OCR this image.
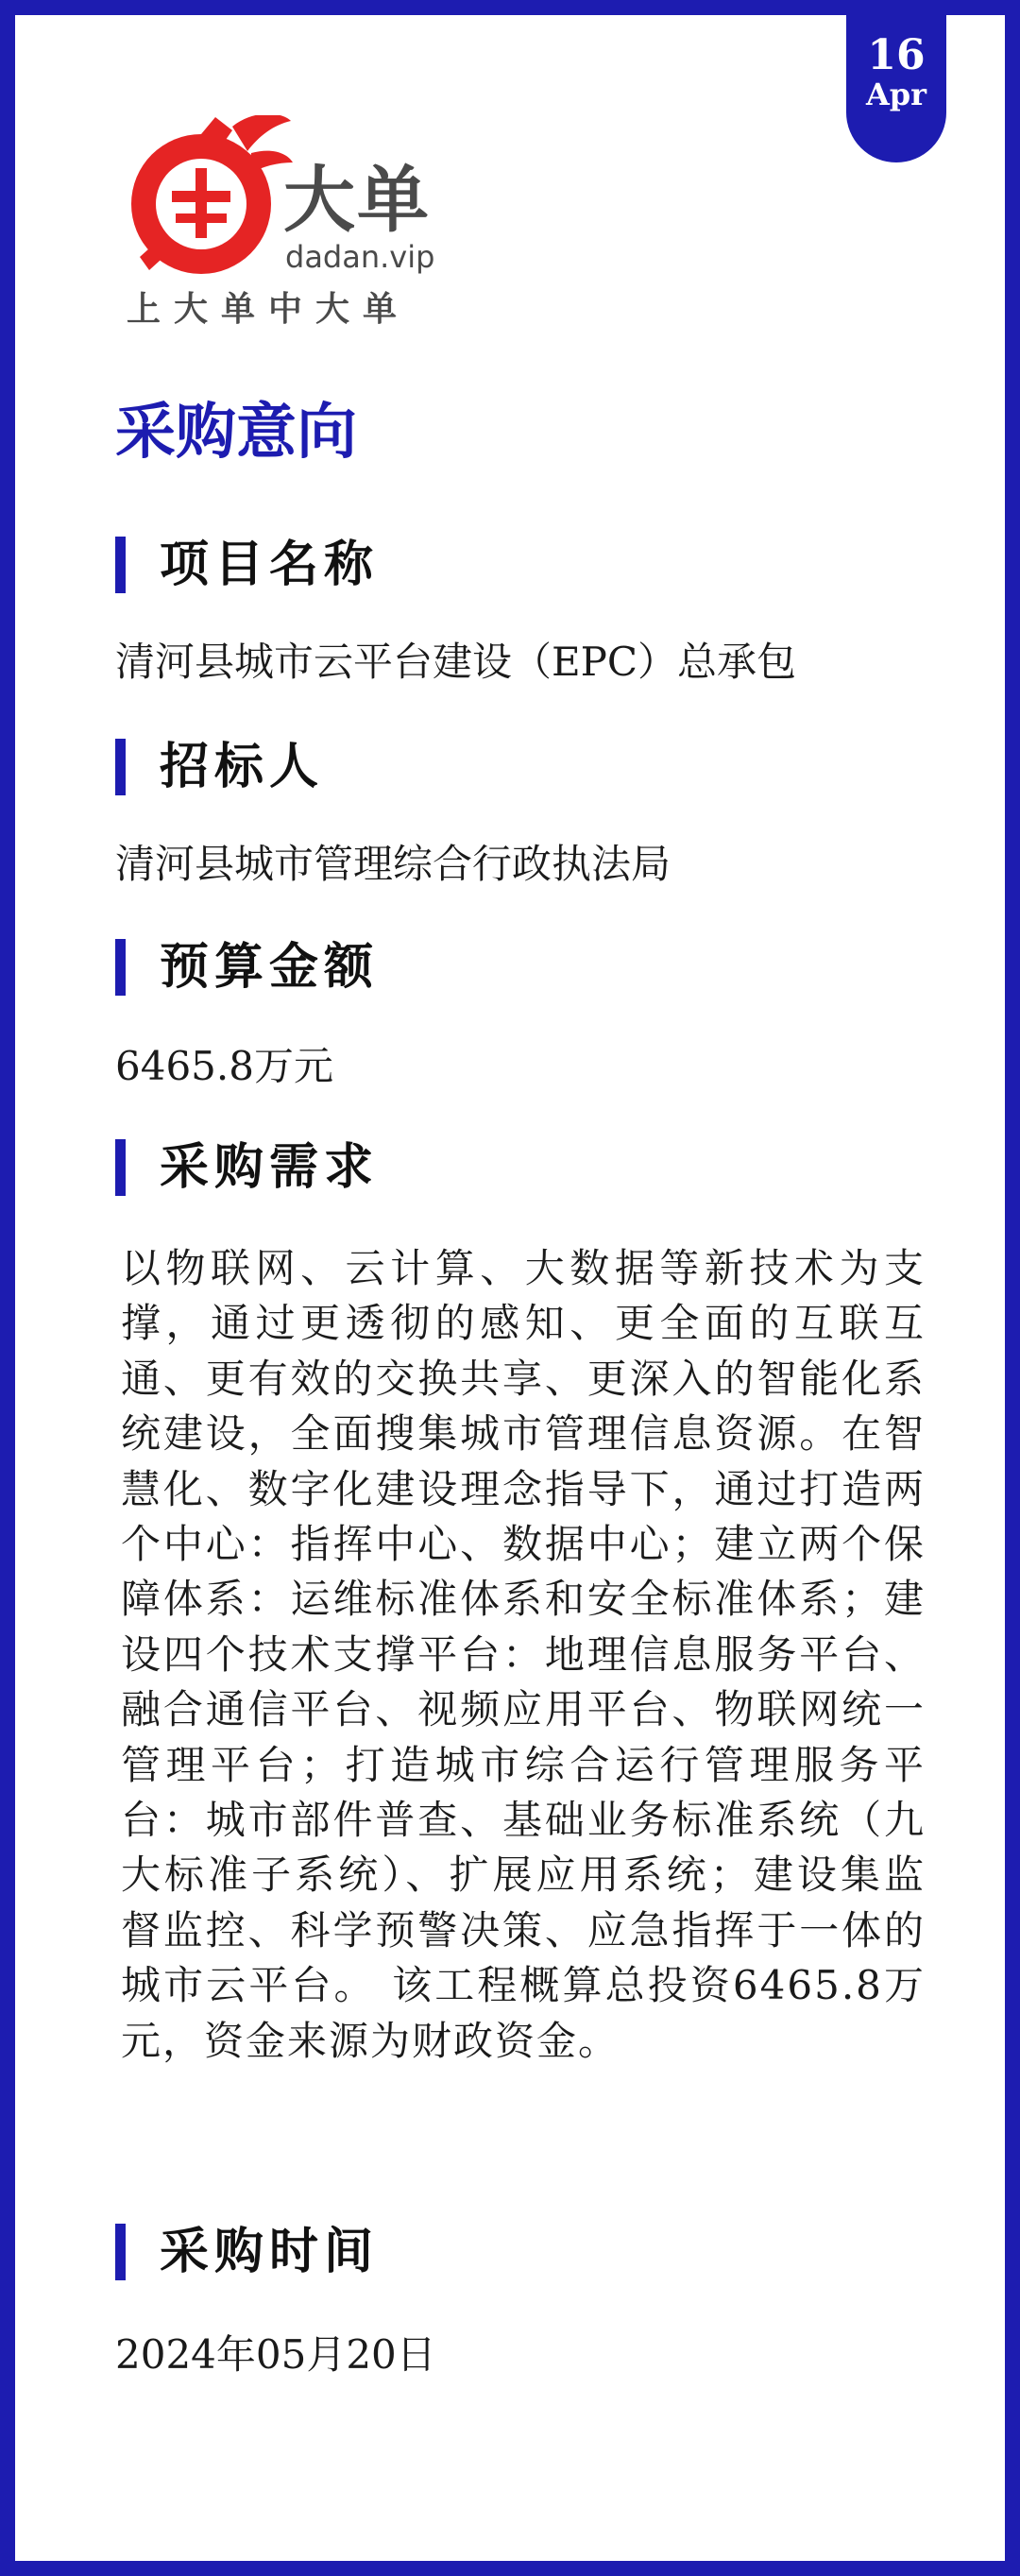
16
Apr
大单
dadan.vip
上大单中大单
采购意向
项目名称
清河县城市云平台建设（EPC）总承包
招标人
清河县城市管理综合行政执法局
预算金额
6465.8万元
采购需求
以物联网、云计算、大数据等新技术为支撑，通过更透彻的感知、更全面的互联互通、更有效的交换共享、更深入的智能化系统建设，全面搜集城市管理信息资源。在智慧化、数字化建设理念指导下，通过打造两个中心：指挥中心、数据中心；建立两个保障体系：运维标准体系和安全标准体系；建设四个技术支撑平台：地理信息服务平台、融合通信平台、视频应用平台、物联网统一管理平台；打造城市综合运行管理服务平台：城市部件普查、基础业务标准系统（九大标准子系统）、扩展应用系统；建设集监督监控、科学预警决策、应急指挥于一体的城市云平台。 该工程概算总投资6465.8万元，资金来源为财政资金。
采购时间
2024年05月20日
